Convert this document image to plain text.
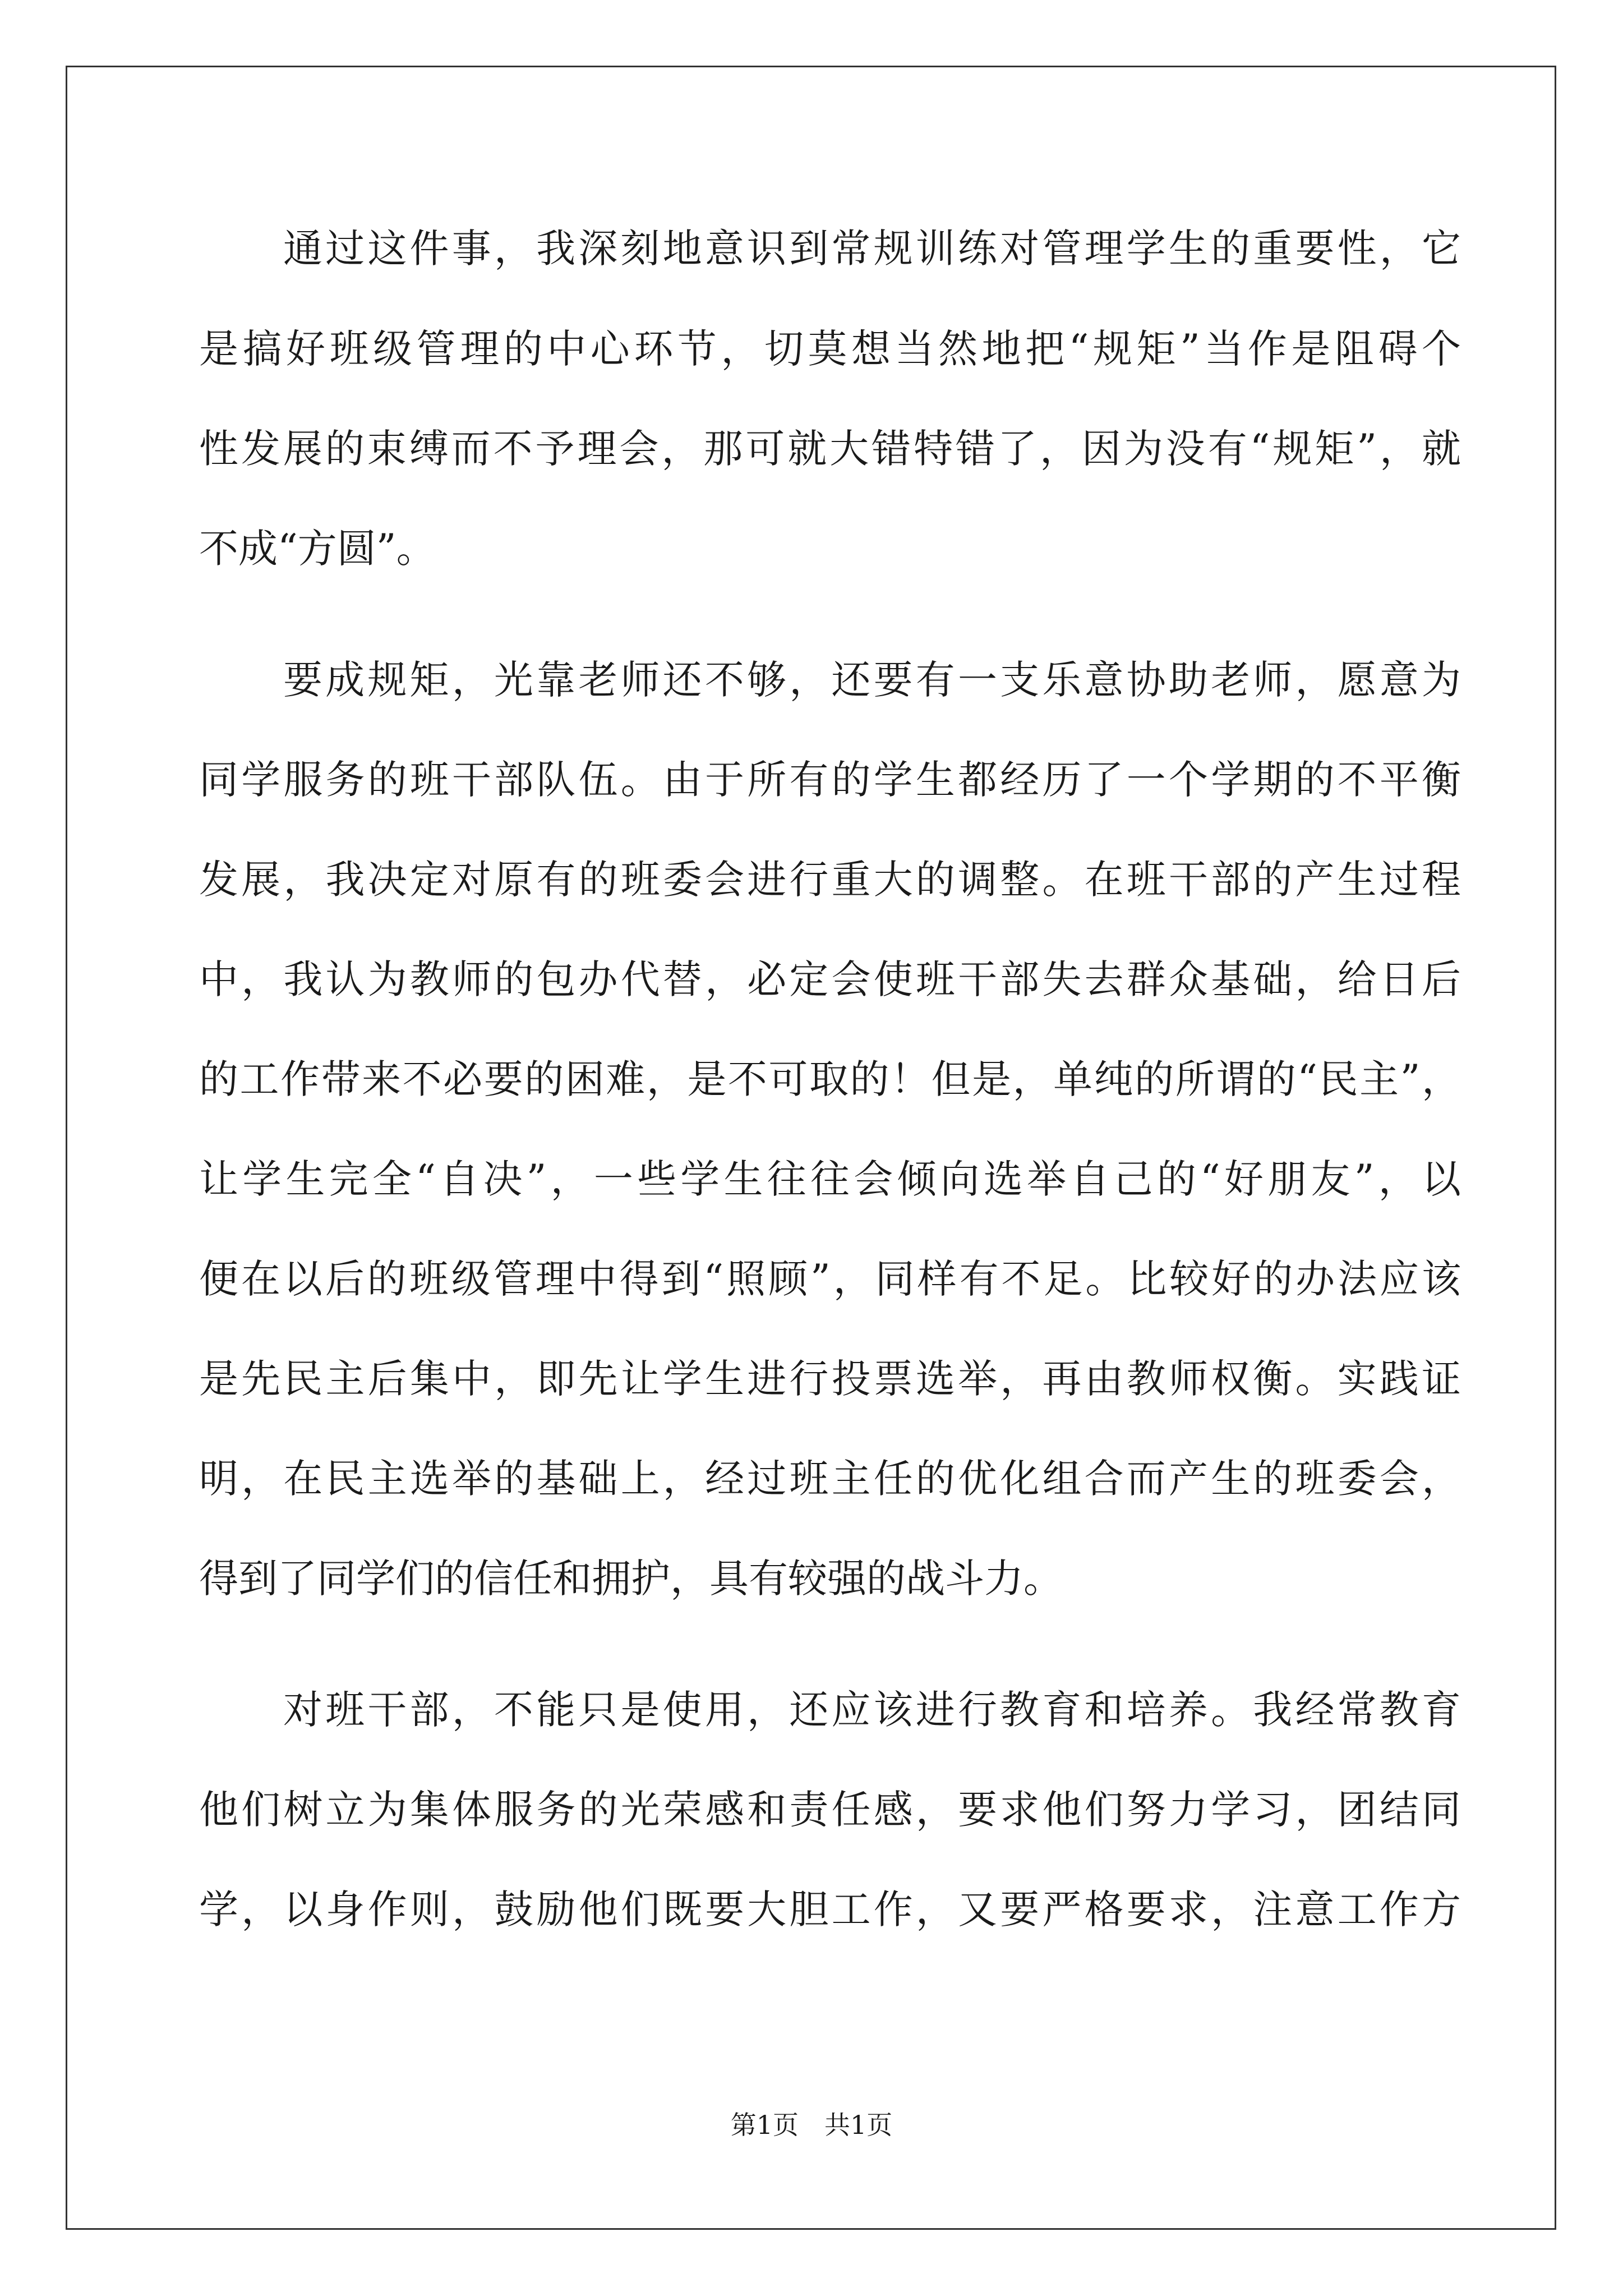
通过这件事，我深刻地意识到常规训练对管理学生的重要性，它
是搞好班级管理的中心环节，切莫想当然地把“规矩”当作是阻碍个
性发展的束缚而不予理会，那可就大错特错了，因为没有“规矩”，就
不成“方圆”。
要成规矩，光靠老师还不够，还要有一支乐意协助老师，愿意为
同学服务的班干部队伍。由于所有的学生都经历了一个学期的不平衡
发展，我决定对原有的班委会进行重大的调整。在班干部的产生过程
中，我认为教师的包办代替，必定会使班干部失去群众基础，给日后
的工作带来不必要的困难，是不可取的！但是，单纯的所谓的“民主”，
让学生完全“自决”，一些学生往往会倾向选举自己的“好朋友”，以
便在以后的班级管理中得到“照顾”，同样有不足。比较好的办法应该
是先民主后集中，即先让学生进行投票选举，再由教师权衡。实践证
明，在民主选举的基础上，经过班主任的优化组合而产生的班委会，
得到了同学们的信任和拥护，具有较强的战斗力。
对班干部，不能只是使用，还应该进行教育和培养。我经常教育
他们树立为集体服务的光荣感和责任感，要求他们努力学习，团结同
学，以身作则，鼓励他们既要大胆工作，又要严格要求，注意工作方
第1页　共1页
